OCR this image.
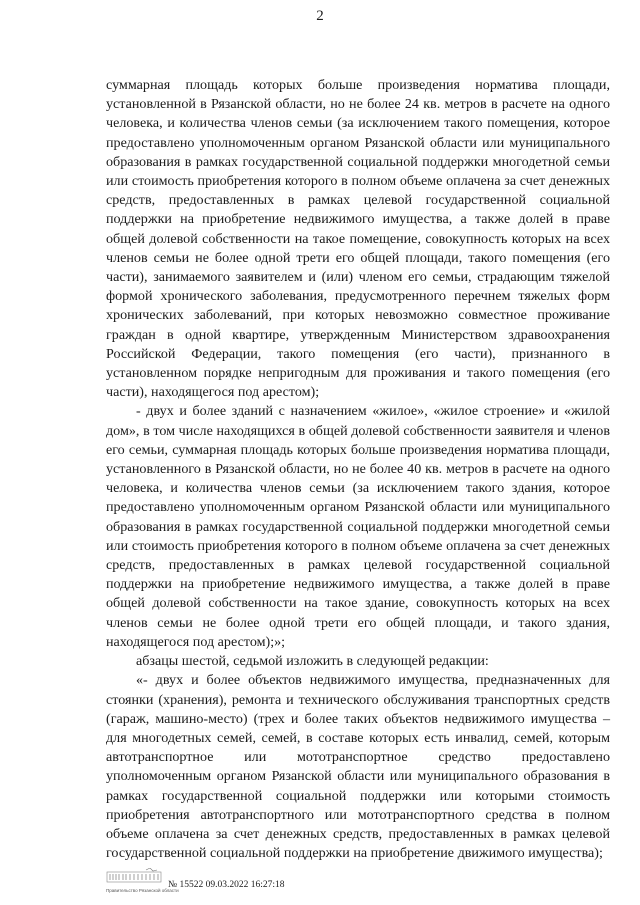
2

суммарная площадь которых больше произведения норматива площади, установленной в Рязанской области, но не более 24 кв. метров в расчете на одного человека, и количества членов семьи (за исключением такого помещения, которое предоставлено уполномоченным органом Рязанской области или муниципального образования в рамках государственной социальной поддержки многодетной семьи или стоимость приобретения которого в полном объеме оплачена за счет денежных средств, предоставленных в рамках целевой государственной социальной поддержки на приобретение недвижимого имущества, а также долей в праве общей долевой собственности на такое помещение, совокупность которых на всех членов семьи не более одной трети его общей площади, такого помещения (его части), занимаемого заявителем и (или) членом его семьи, страдающим тяжелой формой хронического заболевания, предусмотренного перечнем тяжелых форм хронических заболеваний, при которых невозможно совместное проживание граждан в одной квартире, утвержденным Министерством здравоохранения Российской Федерации, такого помещения (его части), признанного в установленном порядке непригодным для проживания и такого помещения (его части), находящегося под арестом);

- двух и более зданий с назначением «жилое», «жилое строение» и «жилой дом», в том числе находящихся в общей долевой собственности заявителя и членов его семьи, суммарная площадь которых больше произведения норматива площади, установленного в Рязанской области, но не более 40 кв. метров в расчете на одного человека, и количества членов семьи (за исключением такого здания, которое предоставлено уполномоченным органом Рязанской области или муниципального образования в рамках государственной социальной поддержки многодетной семьи или стоимость приобретения которого в полном объеме оплачена за счет денежных средств, предоставленных в рамках целевой государственной социальной поддержки на приобретение недвижимого имущества, а также долей в праве общей долевой собственности на такое здание, совокупность которых на всех членов семьи не более одной трети его общей площади, и такого здания, находящегося под арестом);»;

абзацы шестой, седьмой изложить в следующей редакции:

«- двух и более объектов недвижимого имущества, предназначенных для стоянки (хранения), ремонта и технического обслуживания транспортных средств (гараж, машино-место) (трех и более таких объектов недвижимого имущества – для многодетных семей, семей, в составе которых есть инвалид, семей, которым автотранспортное или мототранспортное средство предоставлено уполномоченным органом Рязанской области или муниципального образования в рамках государственной социальной поддержки или которыми стоимость приобретения автотранспортного или мототранспортного средства в полном объеме оплачена за счет денежных средств, предоставленных в рамках целевой государственной социальной поддержки на приобретение движимого имущества);

Правительство Рязанской области
№ 15522 09.03.2022 16:27:18
